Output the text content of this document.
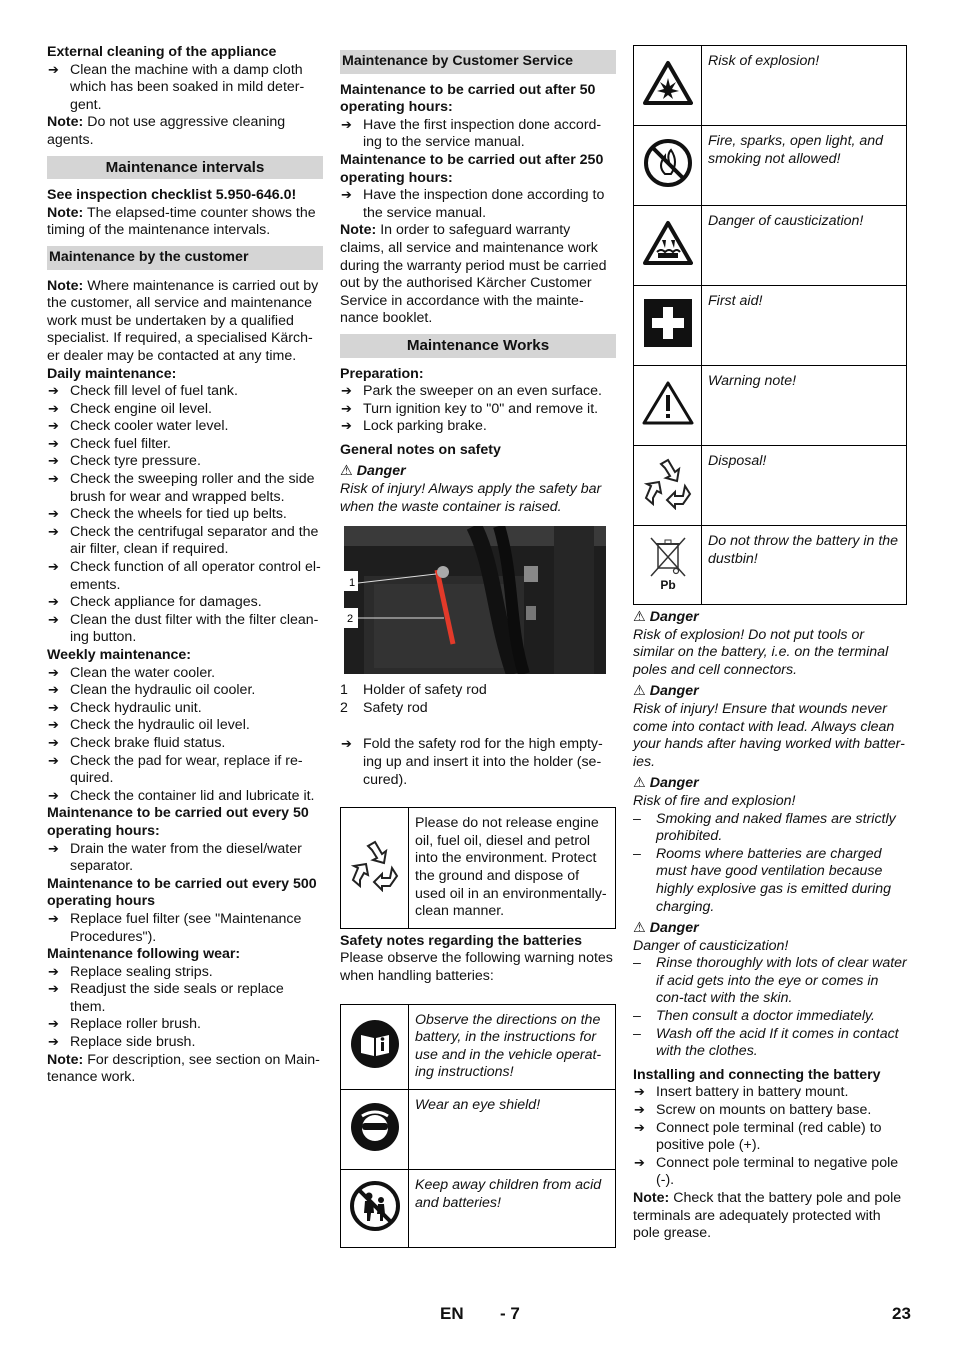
External cleaning of the appliance

➔ Clean the machine with a damp cloth which has been soaked in mild deter-gent.

Note: Do not use aggressive cleaning agents.

Maintenance intervals

See inspection checklist 5.950-646.0!

Note: The elapsed-time counter shows the timing of the maintenance intervals.

Maintenance by the customer

Note: Where maintenance is carried out by the customer, all service and maintenance work must be undertaken by a qualified specialist. If required, a specialised Kärch-er dealer may be contacted at any time.

Daily maintenance:

➔ Check fill level of fuel tank.
➔ Check engine oil level.
➔ Check cooler water level.
➔ Check fuel filter.
➔ Check tyre pressure.
➔ Check the sweeping roller and the side brush for wear and wrapped belts.
➔ Check the wheels for tied up belts.
➔ Check the centrifugal separator and the air filter, clean if required.
➔ Check function of all operator control el-ements.
➔ Check appliance for damages.
➔ Clean the dust filter with the filter clean-ing button.

Weekly maintenance:

➔ Clean the water cooler.
➔ Clean the hydraulic oil cooler.
➔ Check hydraulic unit.
➔ Check the hydraulic oil level.
➔ Check brake fluid status.
➔ Check the pad for wear, replace if re-quired.
➔ Check the container lid and lubricate it.

Maintenance to be carried out every 50 operating hours:

➔ Drain the water from the diesel/water separator.

Maintenance to be carried out every 500 operating hours

➔ Replace fuel filter (see "Maintenance Procedures").

Maintenance following wear:

➔ Replace sealing strips.
➔ Readjust the side seals or replace them.
➔ Replace roller brush.
➔ Replace side brush.

Note: For description, see section on Main-tenance work.

Maintenance by Customer Service

Maintenance to be carried out after 50 operating hours:

➔ Have the first inspection done accord-ing to the service manual.

Maintenance to be carried out after 250 operating hours:

➔ Have the inspection done according to the service manual.

Note: In order to safeguard warranty claims, all service and maintenance work during the warranty period must be carried out by the authorised Kärcher Customer Service in accordance with the mainte-nance booklet.

Maintenance Works

Preparation:

➔ Park the sweeper on an even surface.
➔ Turn ignition key to "0" and remove it.
➔ Lock parking brake.

General notes on safety

⚠ Danger

Risk of injury! Always apply the safety bar when the waste container is raised.

1
2
1 Holder of safety rod
2 Safety rod
➔ Fold the safety rod for the high empty-ing up and insert it into the holder (se-cured).
	Please do not release engine oil, fuel oil, diesel and petrol into the environment. Protect the ground and dispose of used oil in an environmentally-clean manner.

Safety notes regarding the batteries

Please observe the following warning notes when handling batteries:

	Observe the directions on the battery, in the instructions for use and in the vehicle operat-ing instructions!
	Wear an eye shield!
	Keep away children from acid and batteries!
	Risk of explosion!
	Fire, sparks, open light, and smoking not allowed!
	Danger of causticization!
	First aid!
	Warning note!
	Disposal!

Pb	Do not throw the battery in the dustbin!

⚠ Danger

Risk of explosion! Do not put tools or similar on the battery, i.e. on the terminal poles and cell connectors.

⚠ Danger

Risk of injury! Ensure that wounds never come into contact with lead. Always clean your hands after having worked with batter-ies.

⚠ Danger

Risk of fire and explosion!

– Smoking and naked flames are strictly prohibited.
– Rooms where batteries are charged must have good ventilation because highly explosive gas is emitted during charging.

⚠ Danger

Danger of causticization!

– Rinse thoroughly with lots of clear water if acid gets into the eye or comes in con-tact with the skin.
– Then consult a doctor immediately.
– Wash off the acid If it comes in contact with the clothes.

Installing and connecting the battery

➔ Insert battery in battery mount.
➔ Screw on mounts on battery base.
➔ Connect pole terminal (red cable) to positive pole (+).
➔ Connect pole terminal to negative pole (-).

Note: Check that the battery pole and pole terminals are adequately protected with pole grease.

EN - 7	23
